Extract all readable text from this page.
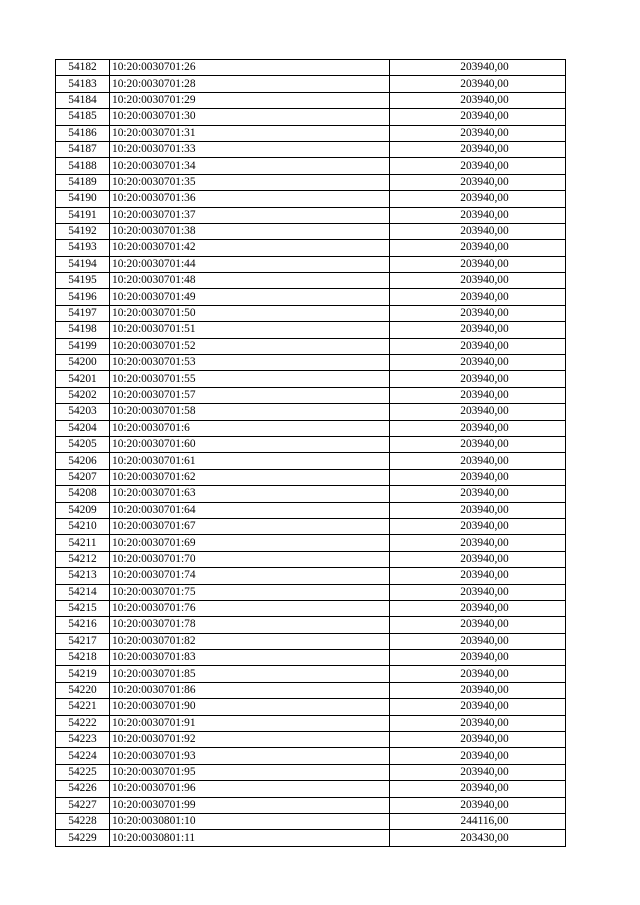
54182	10:20:0030701:26	203940,00
54183	10:20:0030701:28	203940,00
54184	10:20:0030701:29	203940,00
54185	10:20:0030701:30	203940,00
54186	10:20:0030701:31	203940,00
54187	10:20:0030701:33	203940,00
54188	10:20:0030701:34	203940,00
54189	10:20:0030701:35	203940,00
54190	10:20:0030701:36	203940,00
54191	10:20:0030701:37	203940,00
54192	10:20:0030701:38	203940,00
54193	10:20:0030701:42	203940,00
54194	10:20:0030701:44	203940,00
54195	10:20:0030701:48	203940,00
54196	10:20:0030701:49	203940,00
54197	10:20:0030701:50	203940,00
54198	10:20:0030701:51	203940,00
54199	10:20:0030701:52	203940,00
54200	10:20:0030701:53	203940,00
54201	10:20:0030701:55	203940,00
54202	10:20:0030701:57	203940,00
54203	10:20:0030701:58	203940,00
54204	10:20:0030701:6	203940,00
54205	10:20:0030701:60	203940,00
54206	10:20:0030701:61	203940,00
54207	10:20:0030701:62	203940,00
54208	10:20:0030701:63	203940,00
54209	10:20:0030701:64	203940,00
54210	10:20:0030701:67	203940,00
54211	10:20:0030701:69	203940,00
54212	10:20:0030701:70	203940,00
54213	10:20:0030701:74	203940,00
54214	10:20:0030701:75	203940,00
54215	10:20:0030701:76	203940,00
54216	10:20:0030701:78	203940,00
54217	10:20:0030701:82	203940,00
54218	10:20:0030701:83	203940,00
54219	10:20:0030701:85	203940,00
54220	10:20:0030701:86	203940,00
54221	10:20:0030701:90	203940,00
54222	10:20:0030701:91	203940,00
54223	10:20:0030701:92	203940,00
54224	10:20:0030701:93	203940,00
54225	10:20:0030701:95	203940,00
54226	10:20:0030701:96	203940,00
54227	10:20:0030701:99	203940,00
54228	10:20:0030801:10	244116,00
54229	10:20:0030801:11	203430,00
